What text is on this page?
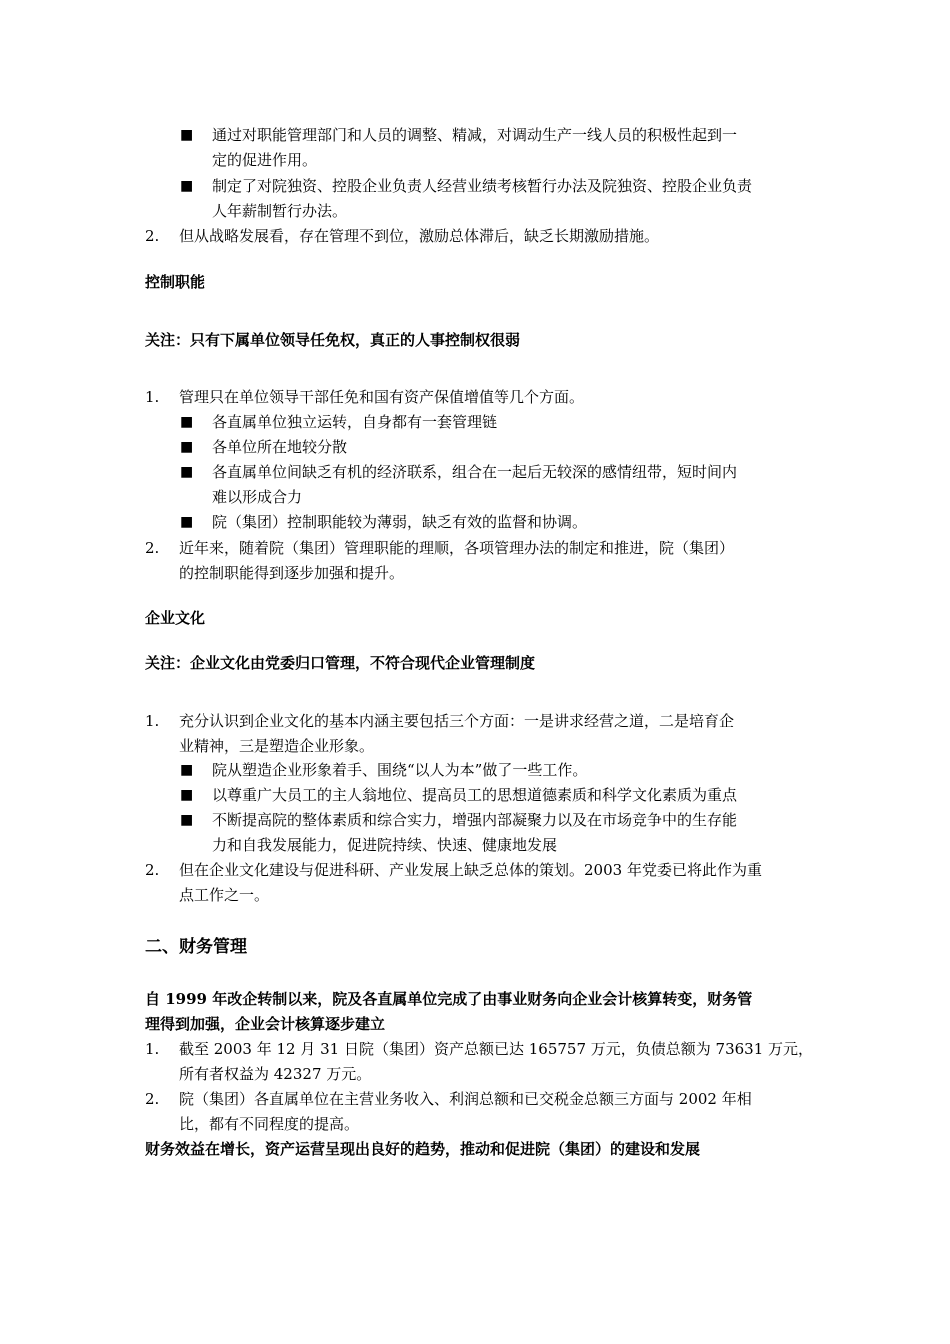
■ 通过对职能管理部门和人员的调整、精减，对调动生产一线人员的积极性起到一
定的促进作用。
■ 制定了对院独资、控股企业负责人经营业绩考核暂行办法及院独资、控股企业负责
人年薪制暂行办法。
2. 但从战略发展看，存在管理不到位，激励总体滞后，缺乏长期激励措施。
控制职能
关注：只有下属单位领导任免权，真正的人事控制权很弱
1. 管理只在单位领导干部任免和国有资产保值增值等几个方面。
■ 各直属单位独立运转，自身都有一套管理链
■ 各单位所在地较分散
■ 各直属单位间缺乏有机的经济联系，组合在一起后无较深的感情纽带，短时间内
难以形成合力
■ 院（集团）控制职能较为薄弱，缺乏有效的监督和协调。
2. 近年来，随着院（集团）管理职能的理顺，各项管理办法的制定和推进，院（集团）
的控制职能得到逐步加强和提升。
企业文化
关注：企业文化由党委归口管理，不符合现代企业管理制度
1. 充分认识到企业文化的基本内涵主要包括三个方面：一是讲求经营之道，二是培育企
业精神，三是塑造企业形象。
■ 院从塑造企业形象着手、围绕“以人为本”做了一些工作。
■ 以尊重广大员工的主人翁地位、提高员工的思想道德素质和科学文化素质为重点
■ 不断提高院的整体素质和综合实力，增强内部凝聚力以及在市场竞争中的生存能
力和自我发展能力，促进院持续、快速、健康地发展
2. 但在企业文化建设与促进科研、产业发展上缺乏总体的策划。2003 年党委已将此作为重
点工作之一。
二、财务管理
自 1999 年改企转制以来，院及各直属单位完成了由事业财务向企业会计核算转变，财务管
理得到加强，企业会计核算逐步建立
1. 截至 2003 年 12 月 31 日院（集团）资产总额已达 165757 万元，负债总额为 73631 万元，
所有者权益为 42327 万元。
2. 院（集团）各直属单位在主营业务收入、利润总额和已交税金总额三方面与 2002 年相
比，都有不同程度的提高。
财务效益在增长，资产运营呈现出良好的趋势，推动和促进院（集团）的建设和发展
